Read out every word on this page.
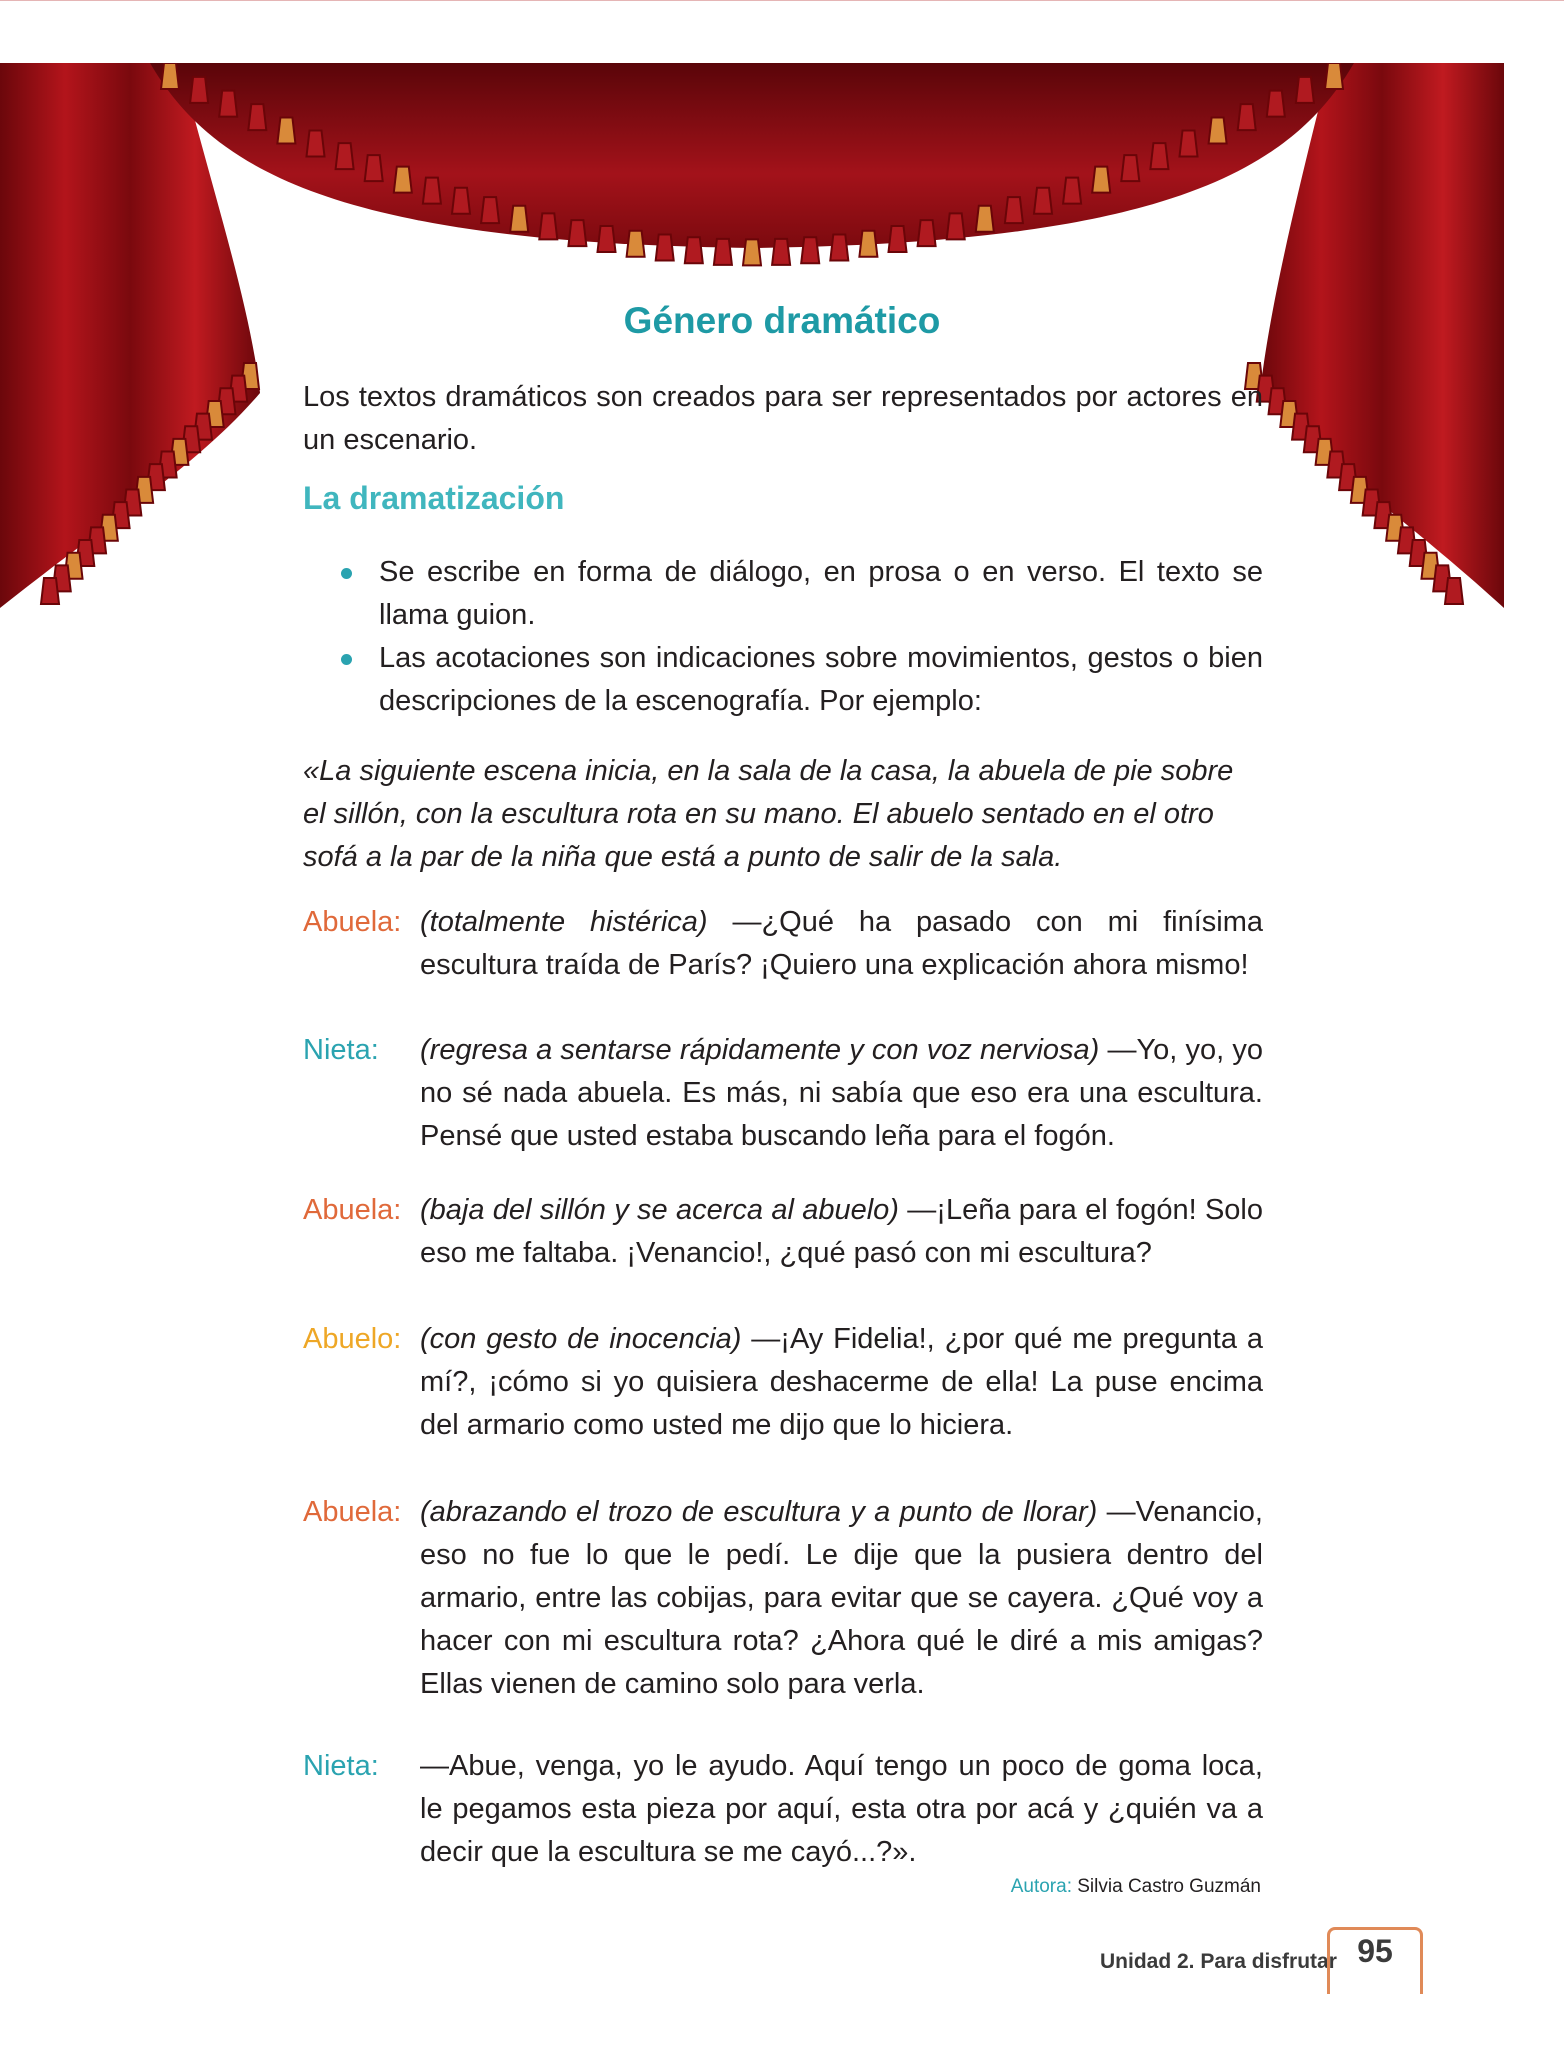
Género dramático
Los textos dramáticos son creados para ser representados por actores en un escenario.
La dramatización
Se escribe en forma de diálogo, en prosa o en verso. El texto se llama guion.
Las acotaciones son indicaciones sobre movimientos, gestos o bien descripciones de la escenografía. Por ejemplo:
«La siguiente escena inicia, en la sala de la casa, la abuela de pie sobre el sillón, con la escultura rota en su mano. El abuelo sentado en el otro sofá a la par de la niña que está a punto de salir de la sala.
Abuela: (totalmente histérica) —¿Qué ha pasado con mi finísima escultura traída de París? ¡Quiero una explicación ahora mismo!
Nieta: (regresa a sentarse rápidamente y con voz nerviosa) —Yo, yo, yo no sé nada abuela. Es más, ni sabía que eso era una escultura. Pensé que usted estaba buscando leña para el fogón.
Abuela: (baja del sillón y se acerca al abuelo) —¡Leña para el fogón! Solo eso me faltaba. ¡Venancio!, ¿qué pasó con mi escultura?
Abuelo: (con gesto de inocencia) —¡Ay Fidelia!, ¿por qué me pregunta a mí?, ¡cómo si yo quisiera deshacerme de ella! La puse encima del armario como usted me dijo que lo hiciera.
Abuela: (abrazando el trozo de escultura y a punto de llorar) —Venancio, eso no fue lo que le pedí. Le dije que la pusiera dentro del armario, entre las cobijas, para evitar que se cayera. ¿Qué voy a hacer con mi escultura rota? ¿Ahora qué le diré a mis amigas? Ellas vienen de camino solo para verla.
Nieta: —Abue, venga, yo le ayudo. Aquí tengo un poco de goma loca, le pegamos esta pieza por aquí, esta otra por acá y ¿quién va a decir que la escultura se me cayó...?».
Autora: Silvia Castro Guzmán
Unidad 2. Para disfrutar 95
